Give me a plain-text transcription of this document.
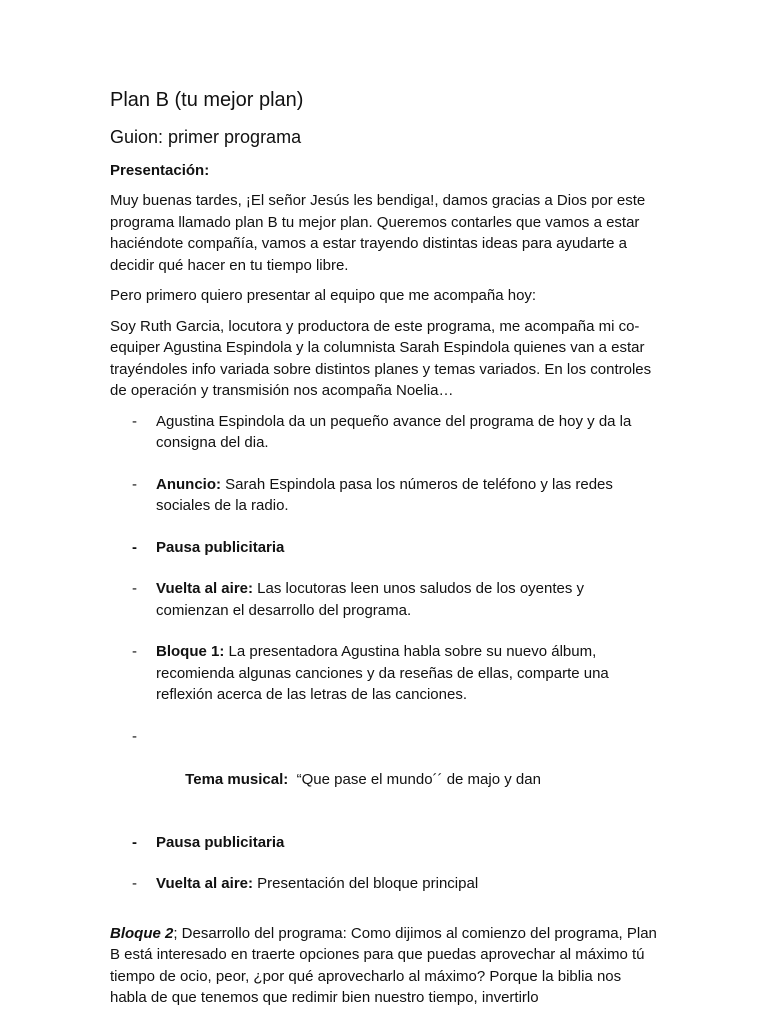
Plan B (tu mejor plan)
Guion: primer programa
Presentación:

Muy buenas tardes, ¡El señor Jesús les bendiga!, damos gracias a Dios por este programa llamado plan B tu mejor plan. Queremos contarles que vamos a estar haciéndote compañía, vamos a estar trayendo distintas ideas para ayudarte a decidir qué hacer en tu tiempo libre.

Pero primero quiero presentar al equipo que me acompaña hoy:

Soy Ruth Garcia, locutora y productora de este programa, me acompaña mi co-equiper Agustina Espindola y la columnista Sarah Espindola quienes van a estar trayéndoles info variada sobre distintos planes y temas variados. En los controles de operación y transmisión nos acompaña Noelia…

- Agustina Espindola da un pequeño avance del programa de hoy y da la consigna del dia.
- Anuncio: Sarah Espindola pasa los números de teléfono y las redes sociales de la radio.
- Pausa publicitaria
- Vuelta al aire: Las locutoras leen unos saludos de los oyentes y comienzan el desarrollo del programa.
- Bloque 1: La presentadora Agustina habla sobre su nuevo álbum, recomienda algunas canciones y da reseñas de ellas, comparte una reflexión acerca de las letras de las canciones.

-

Tema musical:  “Que pase el mundo´´ de majo y dan

- Pausa publicitaria
- Vuelta al aire: Presentación del bloque principal

Bloque 2; Desarrollo del programa: Como dijimos al comienzo del programa, Plan B está interesado en traerte opciones para que puedas aprovechar al máximo tú tiempo de ocio, peor, ¿por qué aprovecharlo al máximo? Porque la biblia nos habla de que tenemos que redimir bien nuestro tiempo, invertirlo
